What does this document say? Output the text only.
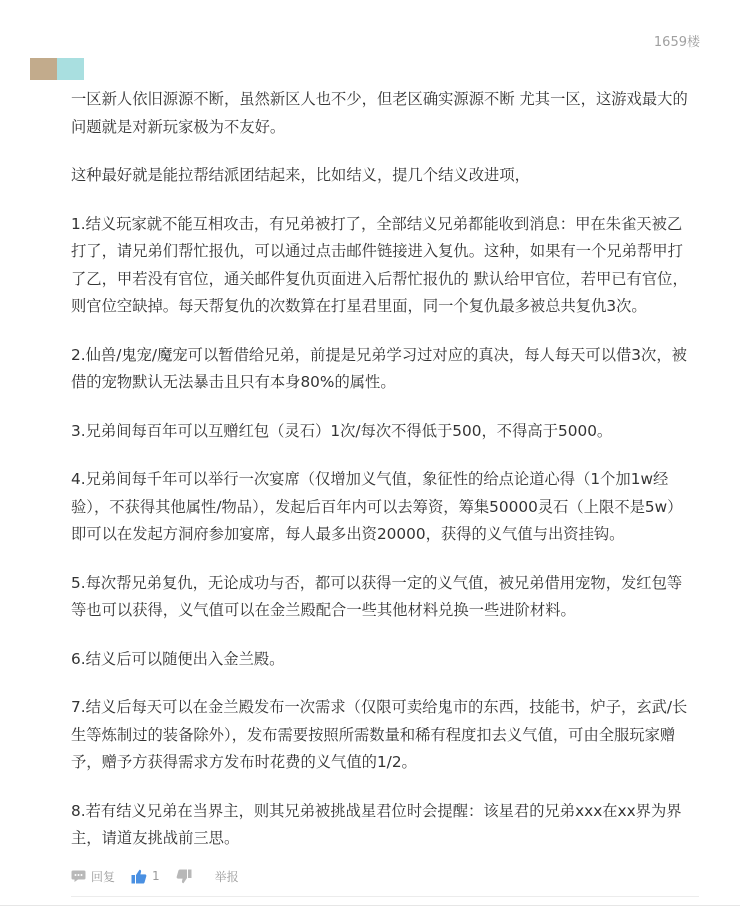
1659楼

一区新人依旧源源不断，虽然新区人也不少，但老区确实源源不断 尤其一区，这游戏最大的问题就是对新玩家极为不友好。

这种最好就是能拉帮结派团结起来，比如结义，提几个结义改进项，

1.结义玩家就不能互相攻击，有兄弟被打了，全部结义兄弟都能收到消息：甲在朱雀天被乙打了，请兄弟们帮忙报仇，可以通过点击邮件链接进入复仇。这种，如果有一个兄弟帮甲打了乙，甲若没有官位，通关邮件复仇页面进入后帮忙报仇的 默认给甲官位，若甲已有官位，则官位空缺掉。每天帮复仇的次数算在打星君里面，同一个复仇最多被总共复仇3次。

2.仙兽/鬼宠/魔宠可以暂借给兄弟，前提是兄弟学习过对应的真决，每人每天可以借3次，被借的宠物默认无法暴击且只有本身80%的属性。

3.兄弟间每百年可以互赠红包（灵石）1次/每次不得低于500，不得高于5000。

4.兄弟间每千年可以举行一次宴席（仅增加义气值，象征性的给点论道心得（1个加1w经验），不获得其他属性/物品），发起后百年内可以去筹资，筹集50000灵石（上限不是5w）即可以在发起方洞府参加宴席，每人最多出资20000，获得的义气值与出资挂钩。

5.每次帮兄弟复仇，无论成功与否，都可以获得一定的义气值，被兄弟借用宠物，发红包等等也可以获得，义气值可以在金兰殿配合一些其他材料兑换一些进阶材料。

6.结义后可以随便出入金兰殿。

7.结义后每天可以在金兰殿发布一次需求（仅限可卖给鬼市的东西，技能书，炉子，玄武/长生等炼制过的装备除外），发布需要按照所需数量和稀有程度扣去义气值，可由全服玩家赠予，赠予方获得需求方发布时花费的义气值的1/2。

8.若有结义兄弟在当界主，则其兄弟被挑战星君位时会提醒：该星君的兄弟xxx在xx界为界主，请道友挑战前三思。

回复	1	举报
